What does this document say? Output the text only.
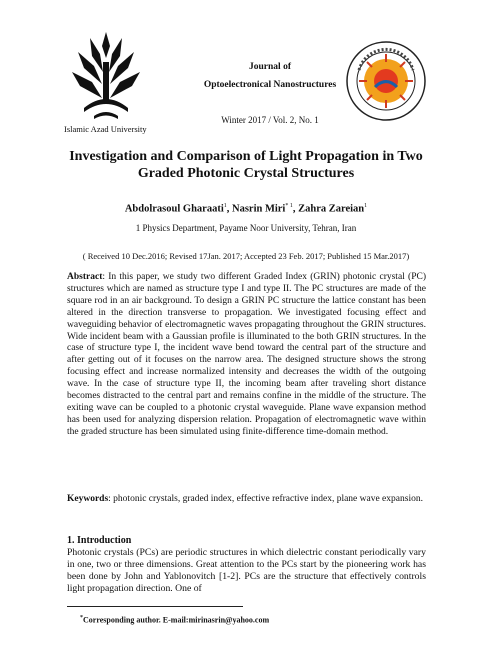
Islamic Azad University
Journal of
Optoelectronical Nanostructures
Winter 2017 / Vol. 2, No. 1
Investigation and Comparison of Light Propagation in Two
Graded Photonic Crystal Structures
Abdolrasoul Gharaati$^1$, Nasrin Miri$^{* 1}$, Zahra Zareian$^1$
1 Physics Department, Payame Noor University, Tehran, Iran
( Received 10 Dec.2016; Revised 17Jan. 2017; Accepted 23 Feb. 2017; Published 15 Mar.2017)
Abstract: In this paper, we study two different Graded Index (GRIN) photonic crystal (PC) structures which are named as structure type I and type II. The PC structures are made of the square rod in an air background. To design a GRIN PC structure the lattice constant has been altered in the direction transverse to propagation. We investigated focusing effect and waveguiding behavior of electromagnetic waves propagating throughout the GRIN structures. Wide incident beam with a Gaussian profile is illuminated to the both GRIN structures. In the case of structure type I, the incident wave bend toward the central part of the structure and after getting out of it focuses on the narrow area. The designed structure shows the strong focusing effect and increase normalized intensity and decreases the width of the outgoing wave. In the case of structure type II, the incoming beam after traveling short distance becomes distracted to the central part and remains confine in the middle of the structure. The exiting wave can be coupled to a photonic crystal waveguide. Plane wave expansion method has been used for analyzing dispersion relation. Propagation of electromagnetic wave within the graded structure has been simulated using finite-difference time-domain method.
Keywords: photonic crystals, graded index, effective refractive index, plane wave expansion.
1. Introduction
Photonic crystals (PCs) are periodic structures in which dielectric constant periodically vary in one, two or three dimensions. Great attention to the PCs start by the pioneering work has been done by John and Yablonovitch [1-2]. PCs are the structure that effectively controls light propagation direction. One of
*Corresponding author. E-mail:mirinasrin@yahoo.com
